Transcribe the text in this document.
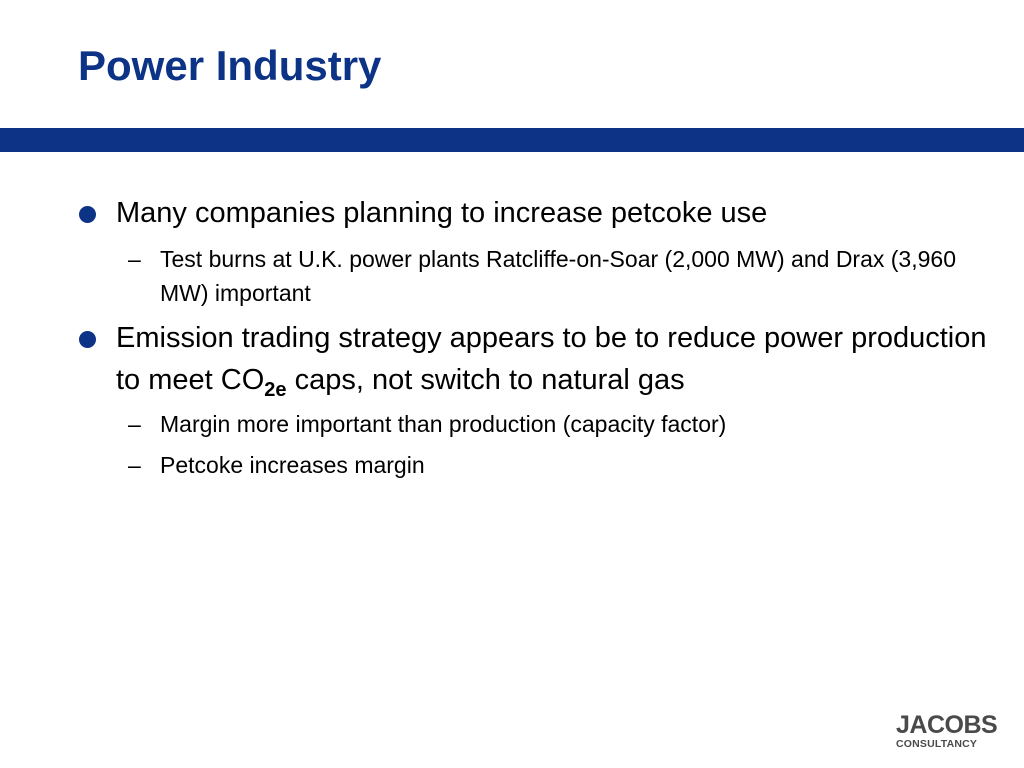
Power Industry
Many companies planning to increase petcoke use
– Test burns at U.K. power plants Ratcliffe-on-Soar (2,000 MW) and Drax (3,960 MW) important
Emission trading strategy appears to be to reduce power production to meet $CO_{2e}$ caps, not switch to natural gas
– Margin more important than production (capacity factor)
– Petcoke increases margin
JACOBS
CONSULTANCY
